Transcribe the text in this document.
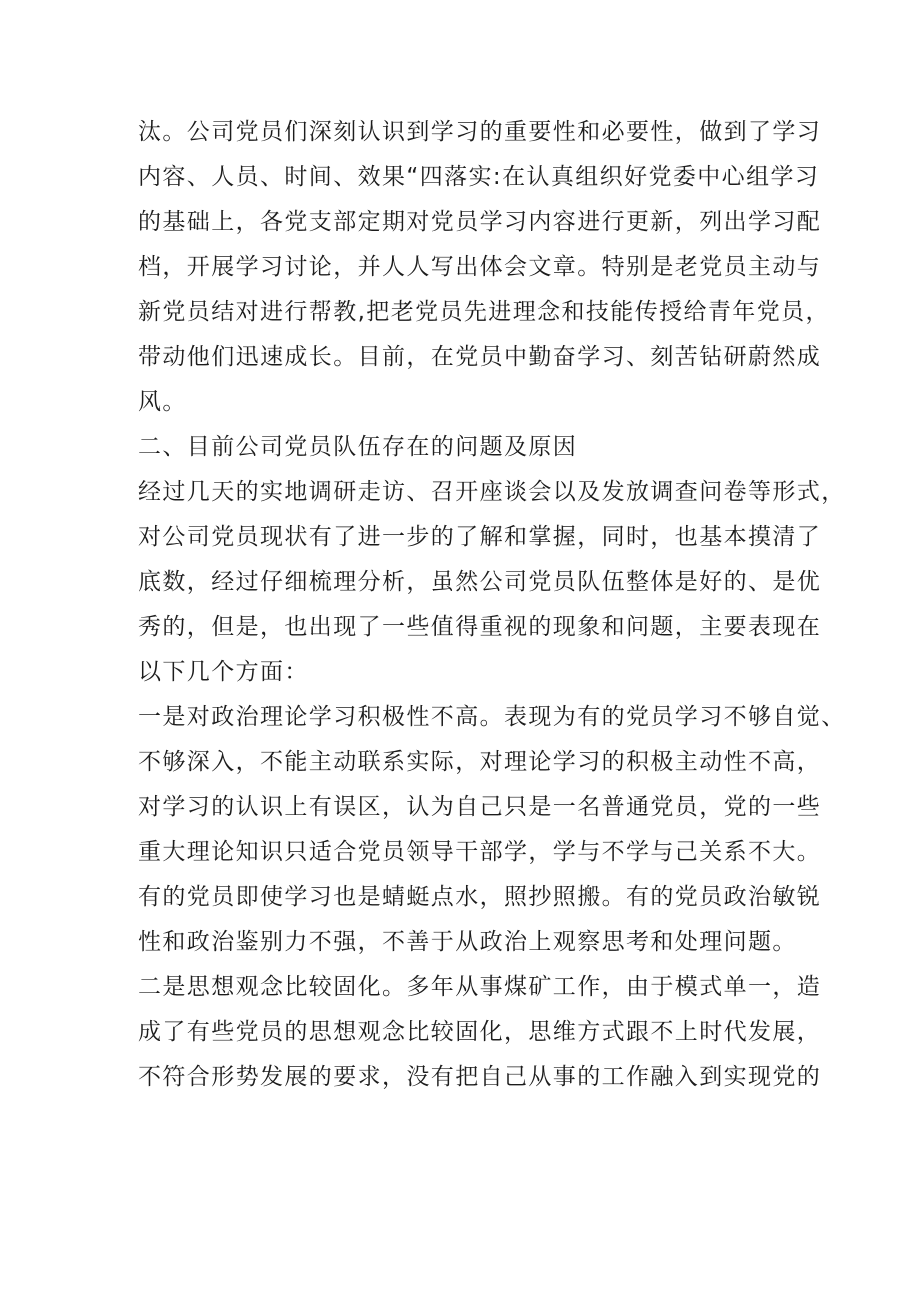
汰。公司党员们深刻认识到学习的重要性和必要性，做到了学习
内容、人员、时间、效果“四落实:在认真组织好党委中心组学习
的基础上，各党支部定期对党员学习内容进行更新，列出学习配
档，开展学习讨论，并人人写出体会文章。特别是老党员主动与
新党员结对进行帮教,把老党员先进理念和技能传授给青年党员，
带动他们迅速成长。目前，在党员中勤奋学习、刻苦钻研蔚然成
风。
二、目前公司党员队伍存在的问题及原因
经过几天的实地调研走访、召开座谈会以及发放调查问卷等形式，
对公司党员现状有了进一步的了解和掌握，同时，也基本摸清了
底数，经过仔细梳理分析，虽然公司党员队伍整体是好的、是优
秀的，但是，也出现了一些值得重视的现象和问题，主要表现在
以下几个方面：
一是对政治理论学习积极性不高。表现为有的党员学习不够自觉、
不够深入，不能主动联系实际，对理论学习的积极主动性不高，
对学习的认识上有误区，认为自己只是一名普通党员，党的一些
重大理论知识只适合党员领导干部学，学与不学与己关系不大。
有的党员即使学习也是蜻蜓点水，照抄照搬。有的党员政治敏锐
性和政治鉴别力不强，不善于从政治上观察思考和处理问题。
二是思想观念比较固化。多年从事煤矿工作，由于模式单一，造
成了有些党员的思想观念比较固化，思维方式跟不上时代发展，
不符合形势发展的要求，没有把自己从事的工作融入到实现党的
